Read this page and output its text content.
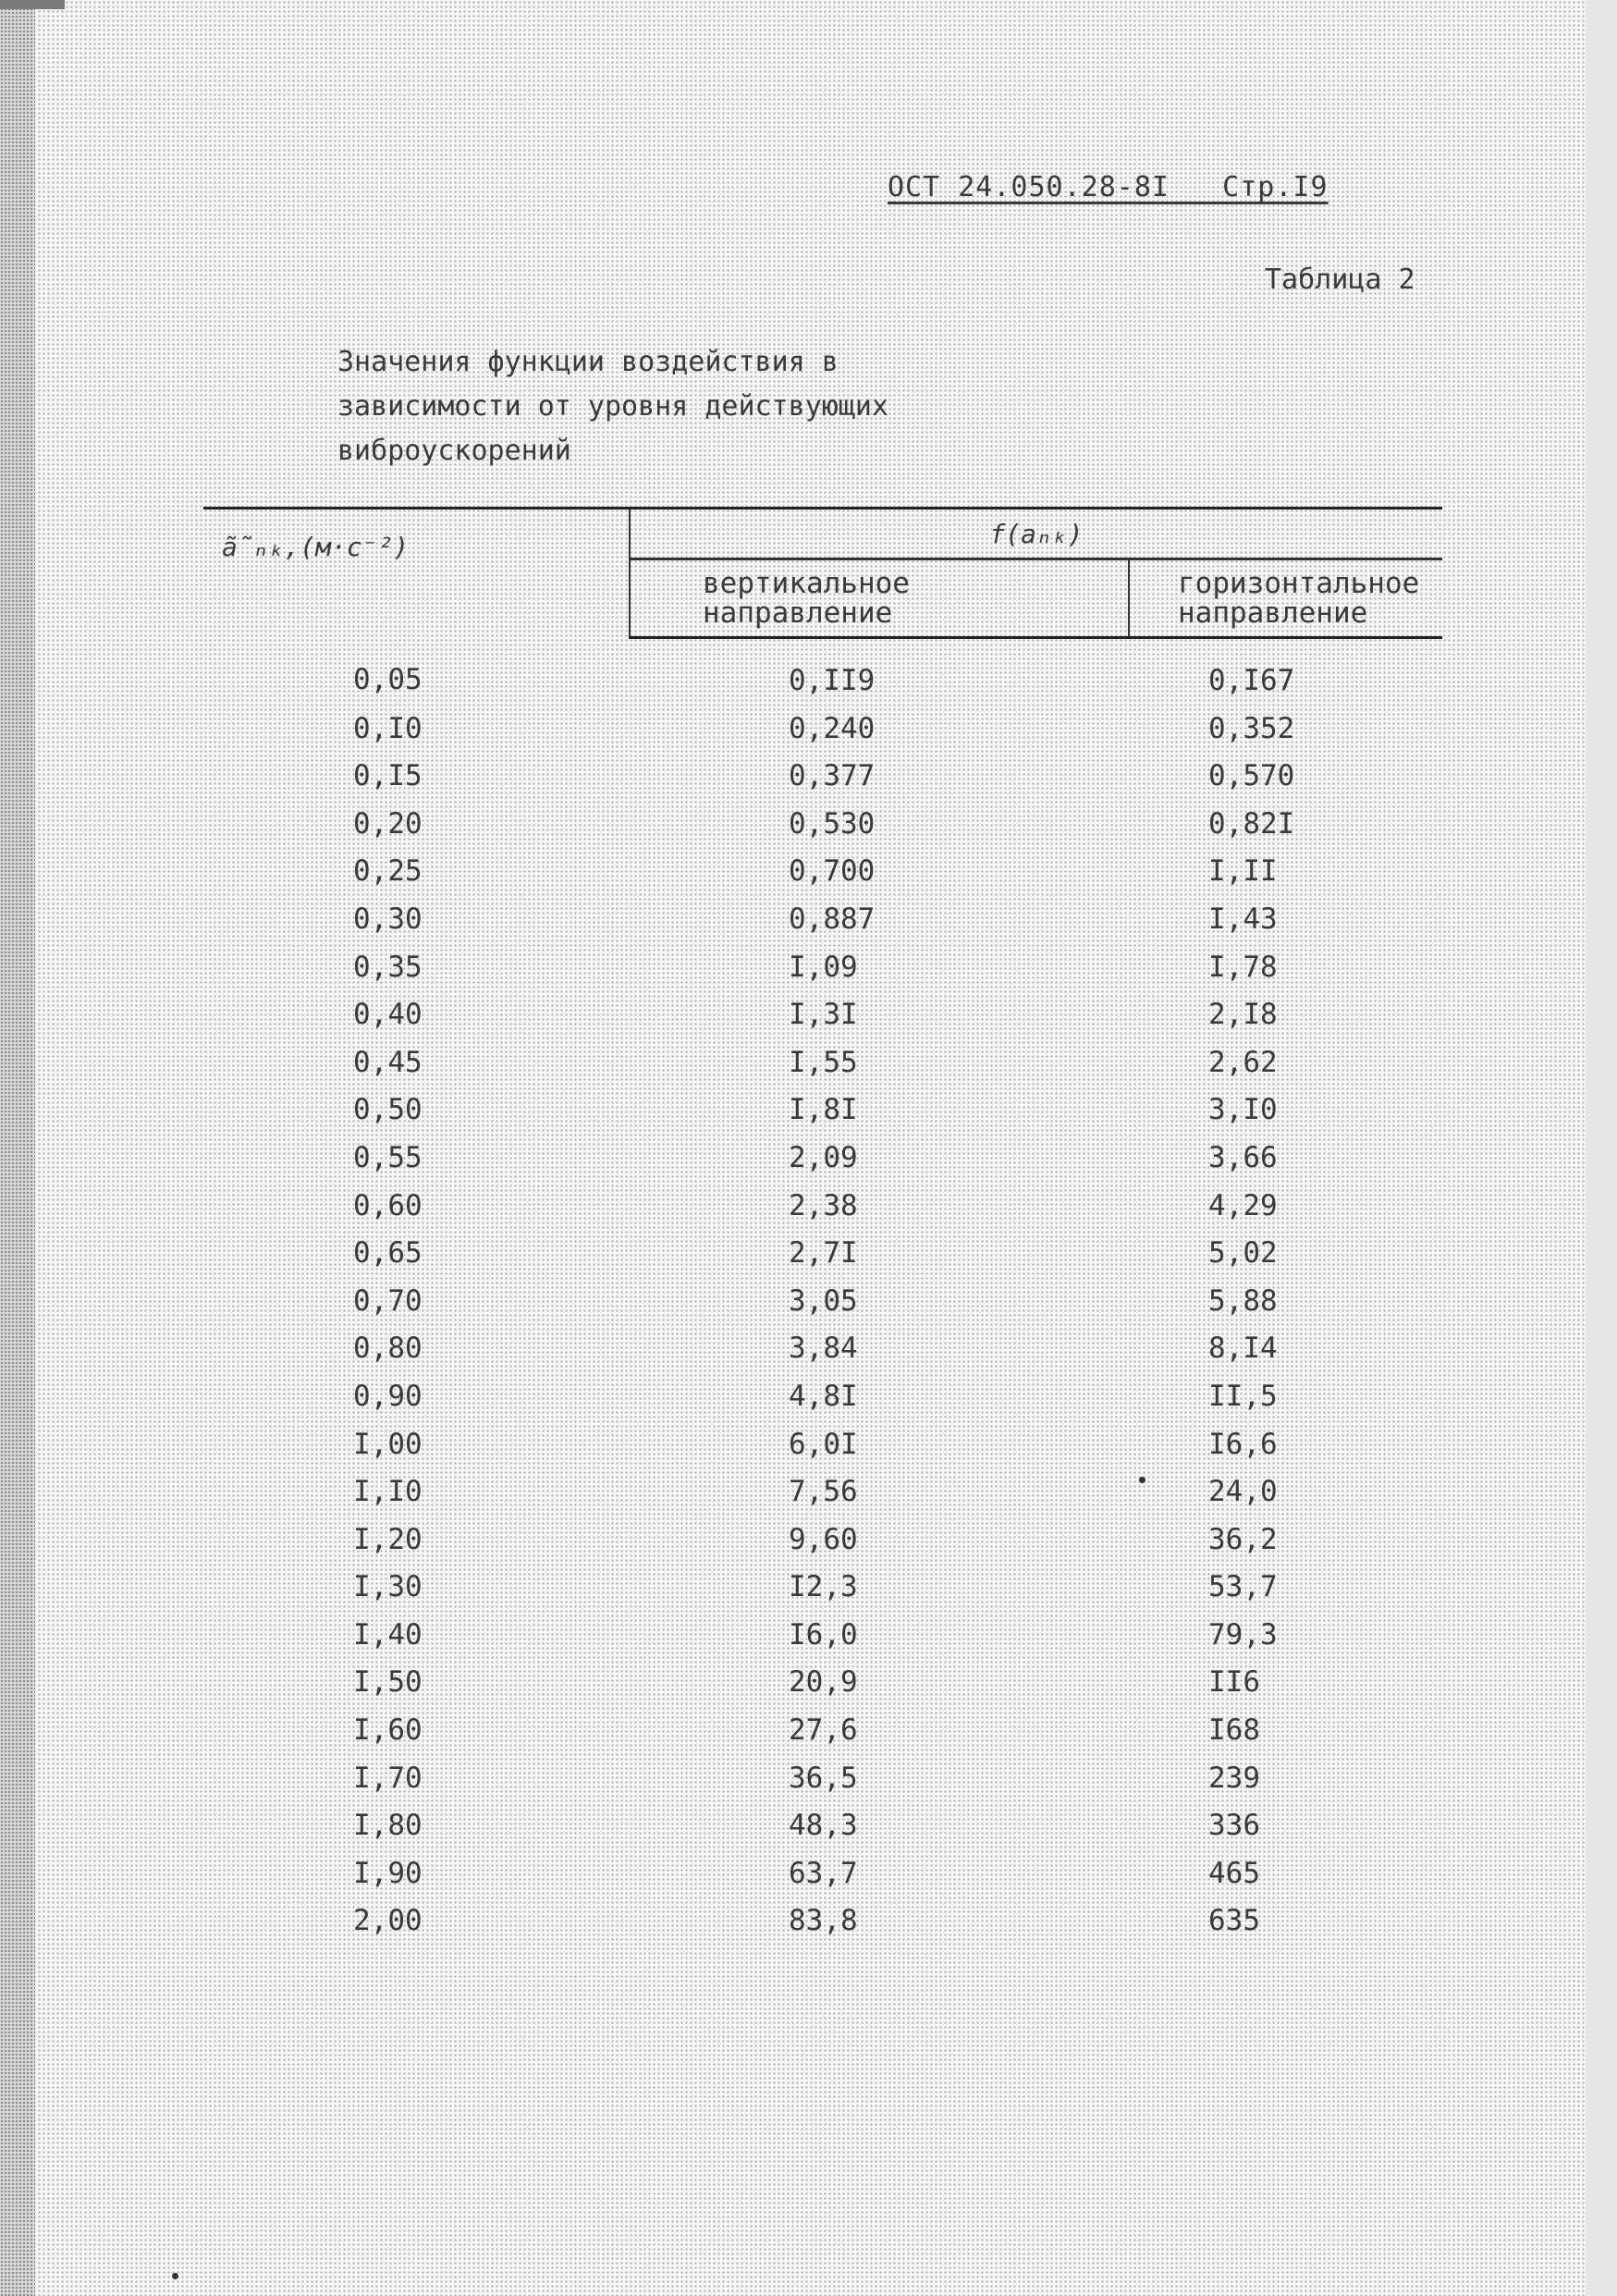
ОСТ 24.050.28-8I   Стр.I9
Таблица 2
Значения функции воздействия в
зависимости от уровня действующих
виброускорений
ã̃ₙₖ,(м·с⁻²)	f(aₙₖ)	
	вертикальное
направление	горизонтальное
направление
0,05	0,II9	0,I67
0,I0	0,240	0,352
0,I5	0,377	0,570
0,20	0,530	0,82I
0,25	0,700	I,II
0,30	0,887	I,43
0,35	I,09	I,78
0,40	I,3I	2,I8
0,45	I,55	2,62
0,50	I,8I	3,I0
0,55	2,09	3,66
0,60	2,38	4,29
0,65	2,7I	5,02
0,70	3,05	5,88
0,80	3,84	8,I4
0,90	4,8I	II,5
I,00	6,0I	I6,6
I,I0	7,56	24,0
I,20	9,60	36,2
I,30	I2,3	53,7
I,40	I6,0	79,3
I,50	20,9	II6
I,60	27,6	I68
I,70	36,5	239
I,80	48,3	336
I,90	63,7	465
2,00	83,8	635
